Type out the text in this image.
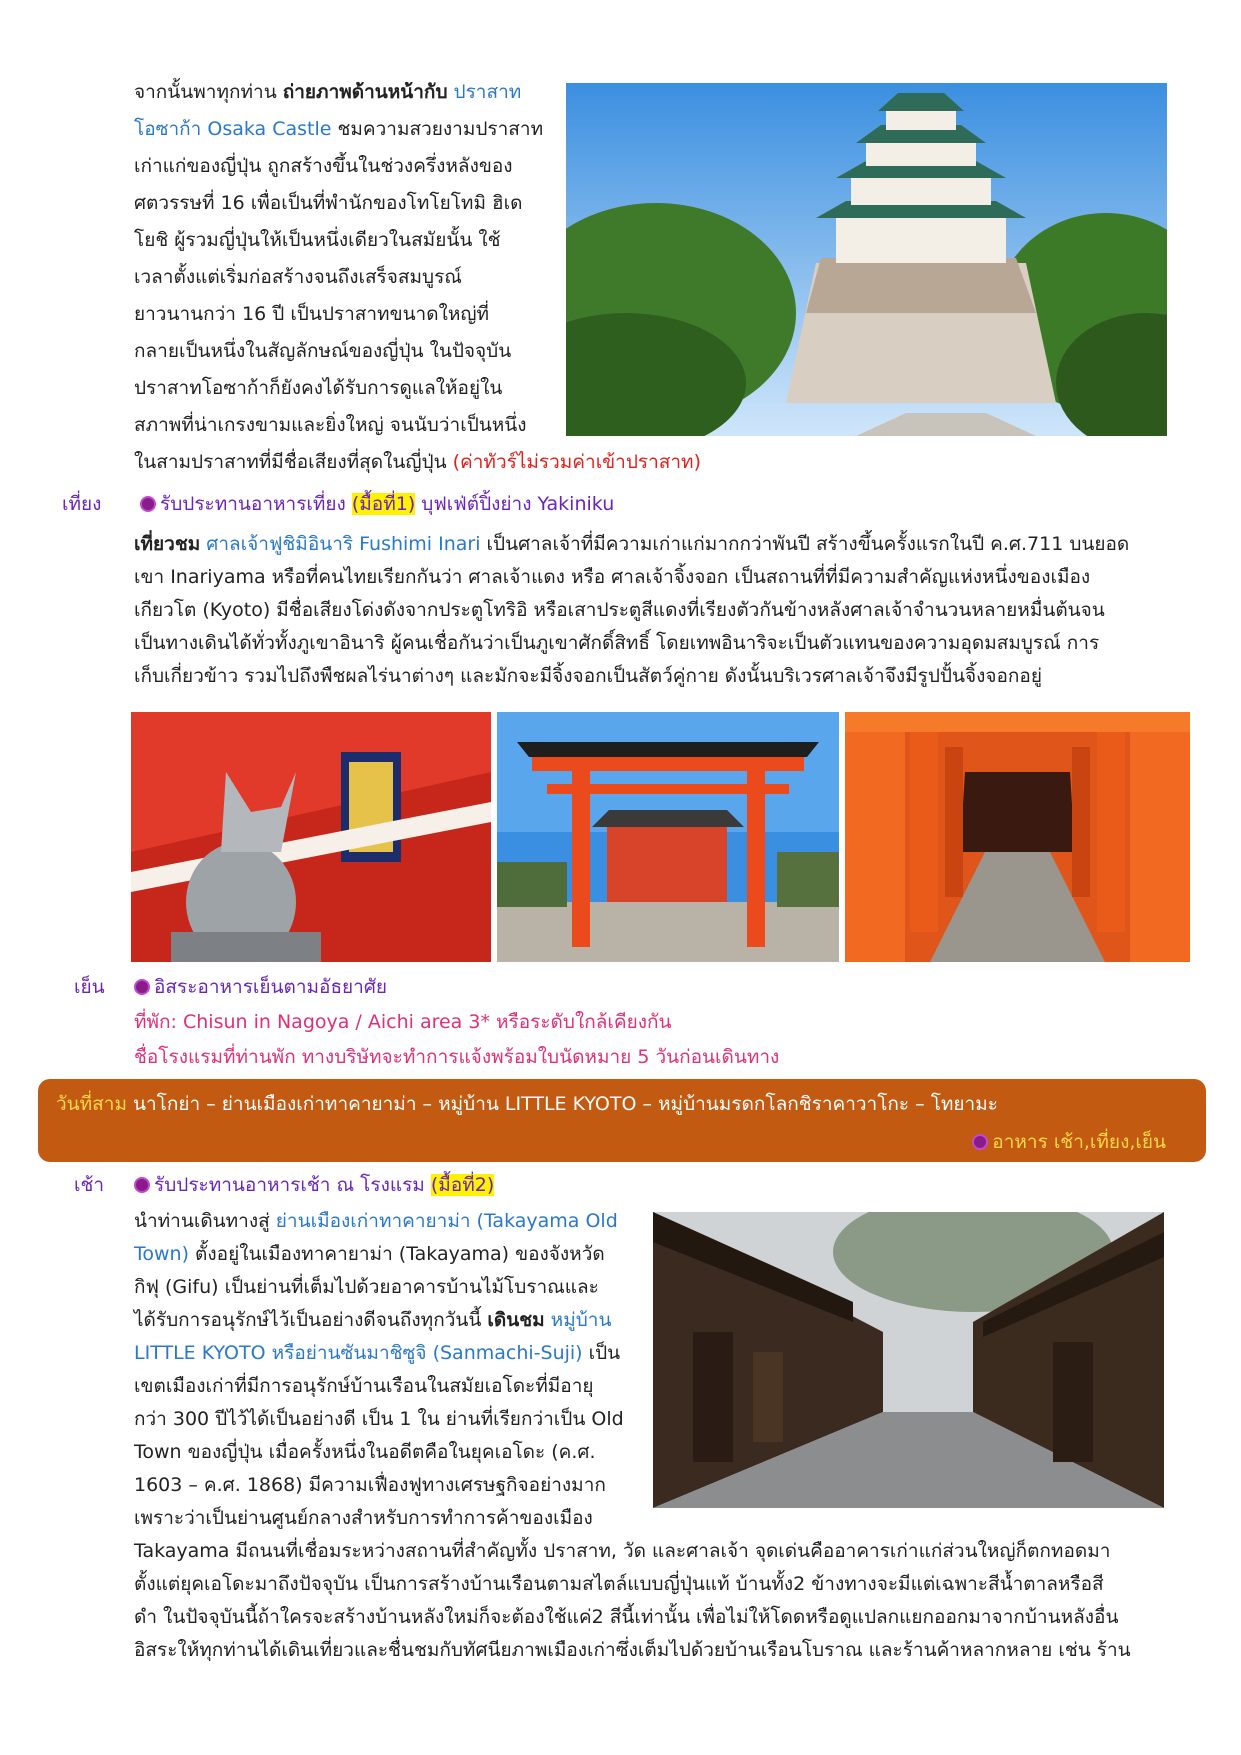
จากนั้นพาทุกท่าน ถ่ายภาพด้านหน้ากับ ปราสาท
โอซาก้า Osaka Castle ชมความสวยงามปราสาท
เก่าแก่ของญี่ปุ่น ถูกสร้างขึ้นในช่วงครึ่งหลังของ
ศตวรรษที่ 16 เพื่อเป็นที่พำนักของโทโยโทมิ ฮิเด
โยชิ ผู้รวมญี่ปุ่นให้เป็นหนึ่งเดียวในสมัยนั้น ใช้
เวลาตั้งแต่เริ่มก่อสร้างจนถึงเสร็จสมบูรณ์
ยาวนานกว่า 16 ปี เป็นปราสาทขนาดใหญ่ที่
กลายเป็นหนึ่งในสัญลักษณ์ของญี่ปุ่น ในปัจจุบัน
ปราสาทโอซาก้าก็ยังคงได้รับการดูแลให้อยู่ใน
สภาพที่น่าเกรงขามและยิ่งใหญ่ จนนับว่าเป็นหนึ่ง
ในสามปราสาทที่มีชื่อเสียงที่สุดในญี่ปุ่น (ค่าทัวร์ไม่รวมค่าเข้าปราสาท)
เที่ยง	รับประทานอาหารเที่ยง (มื้อที่1) บุฟเฟ่ต์ปิ้งย่าง Yakiniku
เที่ยวชม ศาลเจ้าฟูชิมิอินาริ Fushimi Inari เป็นศาลเจ้าที่มีความเก่าแก่มากกว่าพันปี สร้างขึ้นครั้งแรกในปี ค.ศ.711 บนยอด
เขา Inariyama หรือที่คนไทยเรียกกันว่า ศาลเจ้าแดง หรือ ศาลเจ้าจิ้งจอก เป็นสถานที่ที่มีความสำคัญแห่งหนึ่งของเมือง
เกียวโต (Kyoto) มีชื่อเสียงโด่งดังจากประตูโทริอิ หรือเสาประตูสีแดงที่เรียงตัวกันข้างหลังศาลเจ้าจำนวนหลายหมื่นต้นจน
เป็นทางเดินได้ทั่วทั้งภูเขาอินาริ ผู้คนเชื่อกันว่าเป็นภูเขาศักดิ์สิทธิ์ โดยเทพอินาริจะเป็นตัวแทนของความอุดมสมบูรณ์ การ
เก็บเกี่ยวข้าว รวมไปถึงพืชผลไร่นาต่างๆ และมักจะมีจิ้งจอกเป็นสัตว์คู่กาย ดังนั้นบริเวรศาลเจ้าจึงมีรูปปั้นจิ้งจอกอยู่
เย็น	อิสระอาหารเย็นตามอัธยาศัย
ที่พัก: Chisun in Nagoya / Aichi area 3* หรือระดับใกล้เคียงกัน
ชื่อโรงแรมที่ท่านพัก ทางบริษัทจะทำการแจ้งพร้อมใบนัดหมาย 5 วันก่อนเดินทาง
วันที่สาม นาโกย่า – ย่านเมืองเก่าทาคายาม่า – หมู่บ้าน LITTLE KYOTO – หมู่บ้านมรดกโลกชิราคาวาโกะ – โทยามะ
อาหาร เช้า,เที่ยง,เย็น
เช้า	รับประทานอาหารเช้า ณ โรงแรม (มื้อที่2)
นำท่านเดินทางสู่ ย่านเมืองเก่าทาคายาม่า (Takayama Old
Town) ตั้งอยู่ในเมืองทาคายาม่า (Takayama) ของจังหวัด
กิฟุ (Gifu) เป็นย่านที่เต็มไปด้วยอาคารบ้านไม้โบราณและ
ได้รับการอนุรักษ์ไว้เป็นอย่างดีจนถึงทุกวันนี้ เดินชม หมู่บ้าน
LITTLE KYOTO หรือย่านซันมาชิซูจิ (Sanmachi-Suji) เป็น
เขตเมืองเก่าที่มีการอนุรักษ์บ้านเรือนในสมัยเอโดะที่มีอายุ
กว่า 300 ปีไว้ได้เป็นอย่างดี เป็น 1 ใน ย่านที่เรียกว่าเป็น Old
Town ของญี่ปุ่น เมื่อครั้งหนึ่งในอดีตคือในยุคเอโดะ (ค.ศ.
1603 – ค.ศ. 1868) มีความเฟื่องฟูทางเศรษฐกิจอย่างมาก
เพราะว่าเป็นย่านศูนย์กลางสำหรับการทำการค้าของเมือง
Takayama มีถนนที่เชื่อมระหว่างสถานที่สำคัญทั้ง ปราสาท, วัด และศาลเจ้า จุดเด่นคืออาคารเก่าแก่ส่วนใหญ่ก็ตกทอดมา
ตั้งแต่ยุคเอโดะมาถึงปัจจุบัน เป็นการสร้างบ้านเรือนตามสไตล์แบบญี่ปุ่นแท้ บ้านทั้ง2 ข้างทางจะมีแต่เฉพาะสีน้ำตาลหรือสี
ดำ ในปัจจุบันนี้ถ้าใครจะสร้างบ้านหลังใหม่ก็จะต้องใช้แค่2 สีนี้เท่านั้น เพื่อไม่ให้โดดหรือดูแปลกแยกออกมาจากบ้านหลังอื่น
อิสระให้ทุกท่านได้เดินเที่ยวและชื่นชมกับทัศนียภาพเมืองเก่าซึ่งเต็มไปด้วยบ้านเรือนโบราณ และร้านค้าหลากหลาย เช่น ร้าน
